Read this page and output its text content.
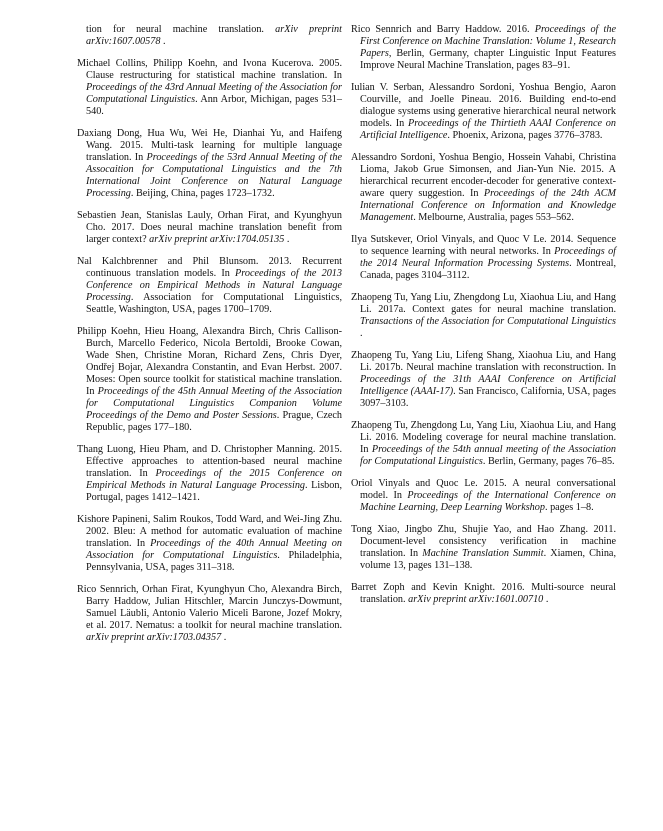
tion for neural machine translation. arXiv preprint arXiv:1607.00578 .

Michael Collins, Philipp Koehn, and Ivona Kucerova. 2005. Clause restructuring for statistical machine translation. In Proceedings of the 43rd Annual Meeting of the Association for Computational Linguistics. Ann Arbor, Michigan, pages 531–540.

Daxiang Dong, Hua Wu, Wei He, Dianhai Yu, and Haifeng Wang. 2015. Multi-task learning for multiple language translation. In Proceedings of the 53rd Annual Meeting of the Assocaition for Computational Linguistics and the 7th International Joint Conference on Natural Language Processing. Beijing, China, pages 1723–1732.

Sebastien Jean, Stanislas Lauly, Orhan Firat, and Kyunghyun Cho. 2017. Does neural machine translation benefit from larger context? arXiv preprint arXiv:1704.05135 .

Nal Kalchbrenner and Phil Blunsom. 2013. Recurrent continuous translation models. In Proceedings of the 2013 Conference on Empirical Methods in Natural Language Processing. Association for Computational Linguistics, Seattle, Washington, USA, pages 1700–1709.

Philipp Koehn, Hieu Hoang, Alexandra Birch, Chris Callison-Burch, Marcello Federico, Nicola Bertoldi, Brooke Cowan, Wade Shen, Christine Moran, Richard Zens, Chris Dyer, Ondřej Bojar, Alexandra Constantin, and Evan Herbst. 2007. Moses: Open source toolkit for statistical machine translation. In Proceedings of the 45th Annual Meeting of the Association for Computational Linguistics Companion Volume Proceedings of the Demo and Poster Sessions. Prague, Czech Republic, pages 177–180.

Thang Luong, Hieu Pham, and D. Christopher Manning. 2015. Effective approaches to attention-based neural machine translation. In Proceedings of the 2015 Conference on Empirical Methods in Natural Language Processing. Lisbon, Portugal, pages 1412–1421.

Kishore Papineni, Salim Roukos, Todd Ward, and Wei-Jing Zhu. 2002. Bleu: A method for automatic evaluation of machine translation. In Proceedings of the 40th Annual Meeting on Association for Computational Linguistics. Philadelphia, Pennsylvania, USA, pages 311–318.

Rico Sennrich, Orhan Firat, Kyunghyun Cho, Alexandra Birch, Barry Haddow, Julian Hitschler, Marcin Junczys-Dowmunt, Samuel Läubli, Antonio Valerio Miceli Barone, Jozef Mokry, et al. 2017. Nematus: a toolkit for neural machine translation. arXiv preprint arXiv:1703.04357 .

Rico Sennrich and Barry Haddow. 2016. Proceedings of the First Conference on Machine Translation: Volume 1, Research Papers, Berlin, Germany, chapter Linguistic Input Features Improve Neural Machine Translation, pages 83–91.

Iulian V. Serban, Alessandro Sordoni, Yoshua Bengio, Aaron Courville, and Joelle Pineau. 2016. Building end-to-end dialogue systems using generative hierarchical neural network models. In Proceedings of the Thirtieth AAAI Conference on Artificial Intelligence. Phoenix, Arizona, pages 3776–3783.

Alessandro Sordoni, Yoshua Bengio, Hossein Vahabi, Christina Lioma, Jakob Grue Simonsen, and Jian-Yun Nie. 2015. A hierarchical recurrent encoder-decoder for generative context-aware query suggestion. In Proceedings of the 24th ACM International Conference on Information and Knowledge Management. Melbourne, Australia, pages 553–562.

Ilya Sutskever, Oriol Vinyals, and Quoc V Le. 2014. Sequence to sequence learning with neural networks. In Proceedings of the 2014 Neural Information Processing Systems. Montreal, Canada, pages 3104–3112.

Zhaopeng Tu, Yang Liu, Zhengdong Lu, Xiaohua Liu, and Hang Li. 2017a. Context gates for neural machine translation. Transactions of the Association for Computational Linguistics .

Zhaopeng Tu, Yang Liu, Lifeng Shang, Xiaohua Liu, and Hang Li. 2017b. Neural machine translation with reconstruction. In Proceedings of the 31th AAAI Conference on Artificial Intelligence (AAAI-17). San Francisco, California, USA, pages 3097–3103.

Zhaopeng Tu, Zhengdong Lu, Yang Liu, Xiaohua Liu, and Hang Li. 2016. Modeling coverage for neural machine translation. In Proceedings of the 54th annual meeting of the Association for Computational Linguistics. Berlin, Germany, pages 76–85.

Oriol Vinyals and Quoc Le. 2015. A neural conversational model. In Proceedings of the International Conference on Machine Learning, Deep Learning Workshop. pages 1–8.

Tong Xiao, Jingbo Zhu, Shujie Yao, and Hao Zhang. 2011. Document-level consistency verification in machine translation. In Machine Translation Summit. Xiamen, China, volume 13, pages 131–138.

Barret Zoph and Kevin Knight. 2016. Multi-source neural translation. arXiv preprint arXiv:1601.00710 .
